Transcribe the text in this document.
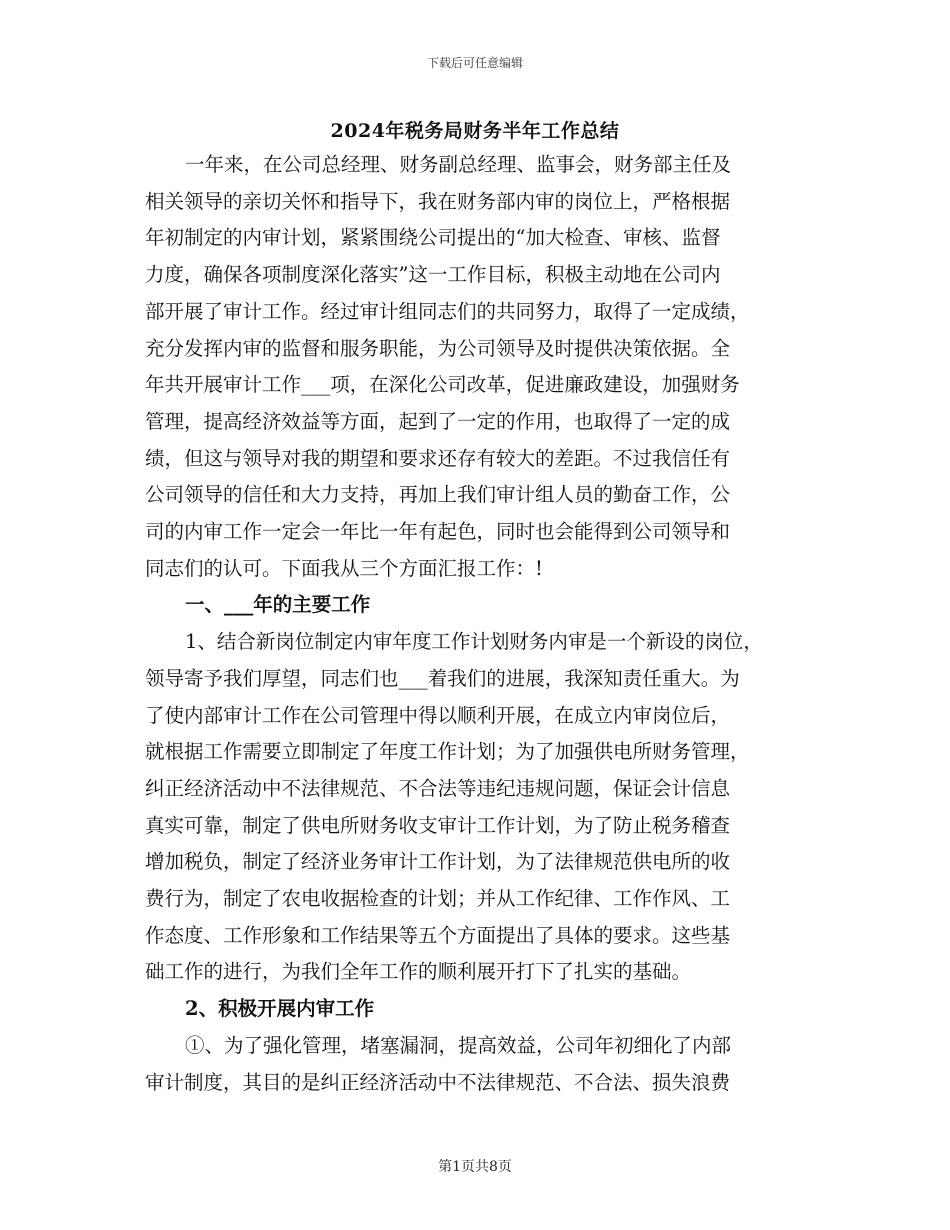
下载后可任意编辑
2024年税务局财务半年工作总结
一年来，在公司总经理、财务副总经理、监事会，财务部主任及
相关领导的亲切关怀和指导下，我在财务部内审的岗位上，严格根据
年初制定的内审计划，紧紧围绕公司提出的“加大检查、审核、监督
力度，确保各项制度深化落实”这一工作目标，积极主动地在公司内
部开展了审计工作。经过审计组同志们的共同努力，取得了一定成绩，
充分发挥内审的监督和服务职能，为公司领导及时提供决策依据。全
年共开展审计工作___项，在深化公司改革，促进廉政建设，加强财务
管理，提高经济效益等方面，起到了一定的作用，也取得了一定的成
绩，但这与领导对我的期望和要求还存有较大的差距。不过我信任有
公司领导的信任和大力支持，再加上我们审计组人员的勤奋工作，公
司的内审工作一定会一年比一年有起色，同时也会能得到公司领导和
同志们的认可。下面我从三个方面汇报工作：!
一、___年的主要工作
1、结合新岗位制定内审年度工作计划财务内审是一个新设的岗位，
领导寄予我们厚望，同志们也___着我们的进展，我深知责任重大。为
了使内部审计工作在公司管理中得以顺利开展，在成立内审岗位后，
就根据工作需要立即制定了年度工作计划；为了加强供电所财务管理，
纠正经济活动中不法律规范、不合法等违纪违规问题，保证会计信息
真实可靠，制定了供电所财务收支审计工作计划，为了防止税务稽查
增加税负，制定了经济业务审计工作计划，为了法律规范供电所的收
费行为，制定了农电收据检查的计划；并从工作纪律、工作作风、工
作态度、工作形象和工作结果等五个方面提出了具体的要求。这些基
础工作的进行，为我们全年工作的顺利展开打下了扎实的基础。
2、积极开展内审工作
①、为了强化管理，堵塞漏洞，提高效益，公司年初细化了内部
审计制度，其目的是纠正经济活动中不法律规范、不合法、损失浪费
第1页共8页
